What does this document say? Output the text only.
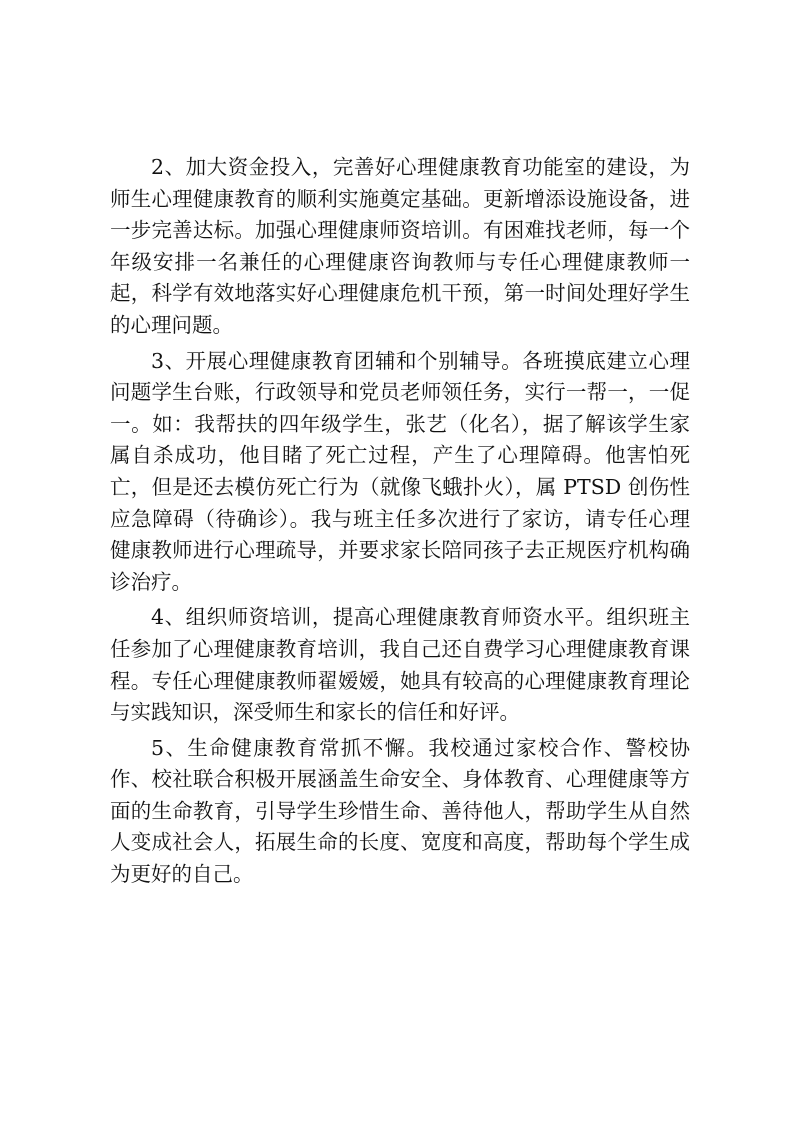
2、加大资金投入，完善好心理健康教育功能室的建设，为师生心理健康教育的顺利实施奠定基础。更新增添设施设备，进一步完善达标。加强心理健康师资培训。有困难找老师，每一个年级安排一名兼任的心理健康咨询教师与专任心理健康教师一起，科学有效地落实好心理健康危机干预，第一时间处理好学生的心理问题。

3、开展心理健康教育团辅和个别辅导。各班摸底建立心理问题学生台账，行政领导和党员老师领任务，实行一帮一，一促一。如：我帮扶的四年级学生，张艺（化名），据了解该学生家属自杀成功，他目睹了死亡过程，产生了心理障碍。他害怕死亡，但是还去模仿死亡行为（就像飞蛾扑火），属 PTSD 创伤性应急障碍（待确诊）。我与班主任多次进行了家访，请专任心理健康教师进行心理疏导，并要求家长陪同孩子去正规医疗机构确诊治疗。

4、组织师资培训，提高心理健康教育师资水平。组织班主任参加了心理健康教育培训，我自己还自费学习心理健康教育课程。专任心理健康教师翟嫒嫒，她具有较高的心理健康教育理论与实践知识，深受师生和家长的信任和好评。

5、生命健康教育常抓不懈。我校通过家校合作、警校协作、校社联合积极开展涵盖生命安全、身体教育、心理健康等方面的生命教育，引导学生珍惜生命、善待他人，帮助学生从自然人变成社会人，拓展生命的长度、宽度和高度，帮助每个学生成为更好的自己。
